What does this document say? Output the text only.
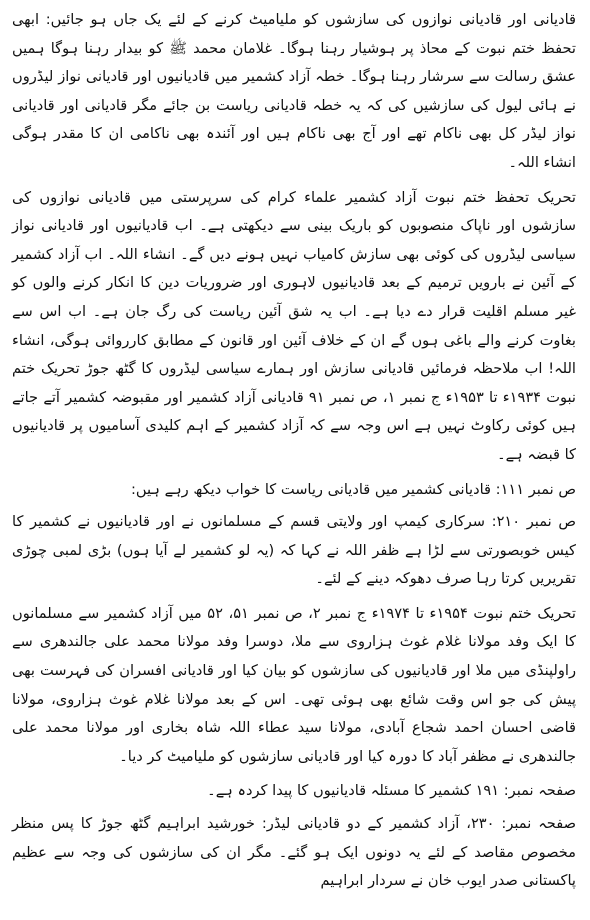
قادیانی اور قادیانی نوازوں کی سازشوں کو ملیامیٹ کرنے کے لئے یک جاں ہو جائیں: ابھی تحفظ ختم نبوت کے محاذ پر ہوشیار رہنا ہوگا۔ غلامان محمد ﷺ کو بیدار رہنا ہوگا ہمیں عشق رسالت سے سرشار رہنا ہوگا۔ خطہ آزاد کشمیر میں قادیانیوں اور قادیانی نواز لیڈروں نے ہائی لیول کی سازشیں کی کہ یہ خطہ قادیانی ریاست بن جائے مگر قادیانی اور قادیانی نواز لیڈر کل بھی ناکام تھے اور آج بھی ناکام ہیں اور آئندہ بھی ناکامی ان کا مقدر ہوگی انشاء اللہ۔

تحریک تحفظ ختم نبوت آزاد کشمیر علماء کرام کی سرپرستی میں قادیانی نوازوں کی سازشوں اور ناپاک منصوبوں کو باریک بینی سے دیکھتی ہے۔ اب قادیانیوں اور قادیانی نواز سیاسی لیڈروں کی کوئی بھی سازش کامیاب نہیں ہونے دیں گے۔ انشاء اللہ۔ اب آزاد کشمیر کے آئین نے بارویں ترمیم کے بعد قادیانیوں لاہوری اور ضروریات دین کا انکار کرنے والوں کو غیر مسلم اقلیت قرار دے دیا ہے۔ اب یہ شق آئین ریاست کی رگ جان ہے۔ اب اس سے بغاوت کرنے والے باغی ہوں گے ان کے خلاف آئین اور قانون کے مطابق کارروائی ہوگی، انشاء اللہ! اب ملاحظہ فرمائیں قادیانی سازش اور ہمارے سیاسی لیڈروں کا گٹھ جوڑ تحریک ختم نبوت ۱۹۳۴ء تا ۱۹۵۳ء ج نمبر ۱، ص نمبر ۹۱ قادیانی آزاد کشمیر اور مقبوضہ کشمیر آتے جاتے ہیں کوئی رکاوٹ نہیں ہے اس وجہ سے کہ آزاد کشمیر کے اہم کلیدی آسامیوں پر قادیانیوں کا قبضہ ہے۔

ص نمبر ۱۱۱: قادیانی کشمیر میں قادیانی ریاست کا خواب دیکھ رہے ہیں:

ص نمبر ۲۱۰: سرکاری کیمپ اور ولایتی قسم کے مسلمانوں نے اور قادیانیوں نے کشمیر کا کیس خوبصورتی سے لڑا ہے ظفر اللہ نے کہا کہ (یہ لو کشمیر لے آیا ہوں) بڑی لمبی چوڑی تقریریں کرتا رہا صرف دھوکہ دینے کے لئے۔

تحریک ختم نبوت ۱۹۵۴ء تا ۱۹۷۴ء ج نمبر ۲، ص نمبر ۵۱، ۵۲ میں آزاد کشمیر سے مسلمانوں کا ایک وفد مولانا غلام غوث ہزاروی سے ملا، دوسرا وفد مولانا محمد علی جالندھری سے راولپنڈی میں ملا اور قادیانیوں کی سازشوں کو بیان کیا اور قادیانی افسران کی فہرست بھی پیش کی جو اس وقت شائع بھی ہوئی تھی۔ اس کے بعد مولانا غلام غوث ہزاروی، مولانا قاضی احسان احمد شجاع آبادی، مولانا سید عطاء اللہ شاہ بخاری اور مولانا محمد علی جالندھری نے مظفر آباد کا دورہ کیا اور قادیانی سازشوں کو ملیامیٹ کر دیا۔

صفحہ نمبر: ۱۹۱ کشمیر کا مسئلہ قادیانیوں کا پیدا کردہ ہے۔

صفحہ نمبر: ۲۳۰، آزاد کشمیر کے دو قادیانی لیڈر: خورشید ابراہیم گٹھ جوڑ کا پس منظر مخصوص مقاصد کے لئے یہ دونوں ایک ہو گئے۔ مگر ان کی سازشوں کی وجہ سے عظیم پاکستانی صدر ایوب خان نے سردار ابراہیم
